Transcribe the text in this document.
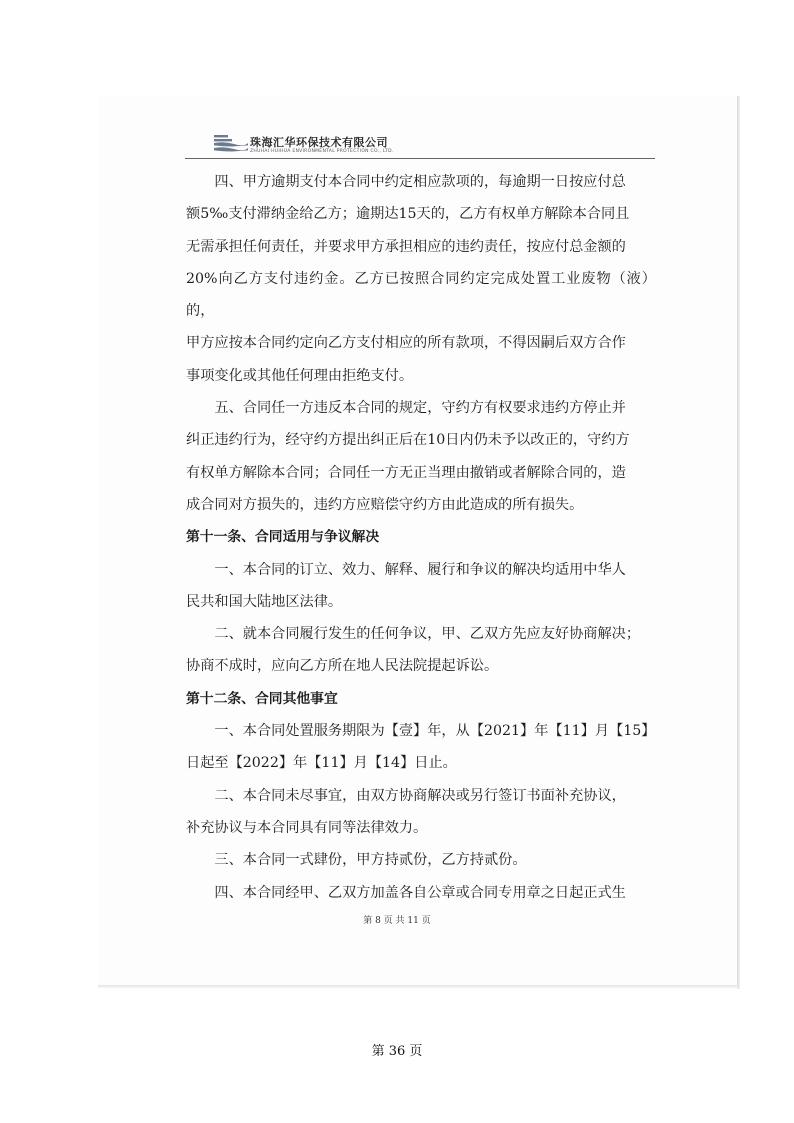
珠海汇华环保技术有限公司
ZHUHAI HUIHUA ENVIRONMENTAL PROTECTION CO., LTD.

四、甲方逾期支付本合同中约定相应款项的，每逾期一日按应付总

额5‰支付滞纳金给乙方；逾期达15天的，乙方有权单方解除本合同且

无需承担任何责任，并要求甲方承担相应的违约责任，按应付总金额的

20%向乙方支付违约金。乙方已按照合同约定完成处置工业废物（液）的，

甲方应按本合同约定向乙方支付相应的所有款项，不得因嗣后双方合作

事项变化或其他任何理由拒绝支付。

五、合同任一方违反本合同的规定，守约方有权要求违约方停止并

纠正违约行为，经守约方提出纠正后在10日内仍未予以改正的，守约方

有权单方解除本合同；合同任一方无正当理由撤销或者解除合同的，造

成合同对方损失的，违约方应赔偿守约方由此造成的所有损失。

第十一条、合同适用与争议解决

一、本合同的订立、效力、解释、履行和争议的解决均适用中华人

民共和国大陆地区法律。

二、就本合同履行发生的任何争议，甲、乙双方先应友好协商解决；

协商不成时，应向乙方所在地人民法院提起诉讼。

第十二条、合同其他事宜

一、本合同处置服务期限为【壹】年，从【2021】年【11】月【15】

日起至【2022】年【11】月【14】日止。

二、本合同未尽事宜，由双方协商解决或另行签订书面补充协议，

补充协议与本合同具有同等法律效力。

三、本合同一式肆份，甲方持贰份，乙方持贰份。

四、本合同经甲、乙双方加盖各自公章或合同专用章之日起正式生

第 8 页 共 11 页
第 36 页
